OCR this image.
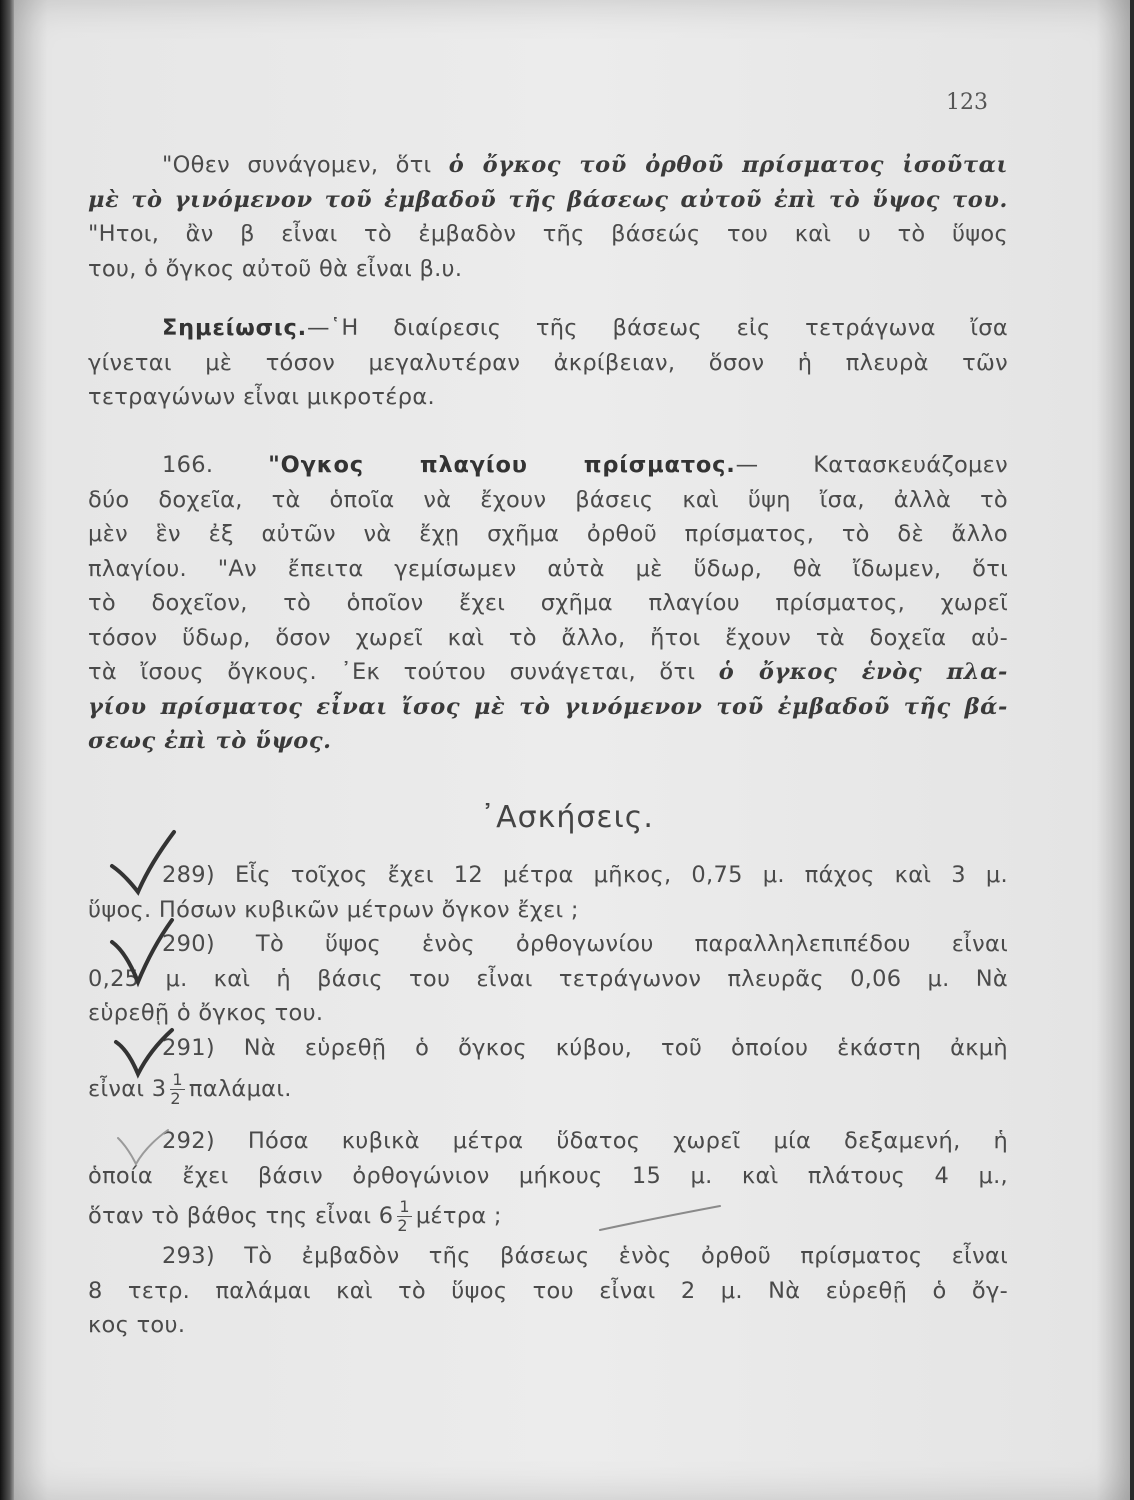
123
"Οθεν συνάγομεν, ὅτι ὁ ὄγκος τοῦ ὀρθοῦ πρίσματος ἰσοῦται
μὲ τὸ γινόμενον τοῦ ἐμβαδοῦ τῆς βάσεως αὐτοῦ ἐπὶ τὸ ὕψος του.
"Ητοι, ἂν β εἶναι τὸ ἐμβαδὸν τῆς βάσεώς του καὶ υ τὸ ὕψος
του, ὁ ὄγκος αὐτοῦ θὰ εἶναι β.υ.
Σημείωσις.—῾Η διαίρεσις τῆς βάσεως εἰς τετράγωνα ἴσα
γίνεται μὲ τόσον μεγαλυτέραν ἀκρίβειαν, ὅσον ἡ πλευρὰ τῶν
τετραγώνων εἶναι μικροτέρα.
166. "Ογκος πλαγίου πρίσματος.— Κατασκευάζομεν
δύο δοχεῖα, τὰ ὁποῖα νὰ ἔχουν βάσεις καὶ ὕψη ἴσα, ἀλλὰ τὸ
μὲν ἓν ἐξ αὐτῶν νὰ ἔχῃ σχῆμα ὀρθοῦ πρίσματος, τὸ δὲ ἄλλο
πλαγίου. "Αν ἔπειτα γεμίσωμεν αὐτὰ μὲ ὕδωρ, θὰ ἴδωμεν, ὅτι
τὸ δοχεῖον, τὸ ὁποῖον ἔχει σχῆμα πλαγίου πρίσματος, χωρεῖ
τόσον ὕδωρ, ὅσον χωρεῖ καὶ τὸ ἄλλο, ἤτοι ἔχουν τὰ δοχεῖα αὐ-
τὰ ἴσους ὄγκους. ᾽Εκ τούτου συνάγεται, ὅτι ὁ ὄγκος ἑνὸς πλα-
γίου πρίσματος εἶναι ἴσος μὲ τὸ γινόμενον τοῦ ἐμβαδοῦ τῆς βά-
σεως ἐπὶ τὸ ὕψος.
᾽Ασκήσεις.
289) Εἷς τοῖχος ἔχει 12 μέτρα μῆκος, 0,75 μ. πάχος καὶ 3 μ.
ὕψος. Πόσων κυβικῶν μέτρων ὄγκον ἔχει ;
290) Τὸ ὕψος ἑνὸς ὀρθογωνίου παραλληλεπιπέδου εἶναι
0,25 μ. καὶ ἡ βάσις του εἶναι τετράγωνον πλευρᾶς 0,06 μ. Νὰ
εὑρεθῇ ὁ ὄγκος του.
291) Νὰ εὑρεθῇ ὁ ὄγκος κύβου, τοῦ ὁποίου ἑκάστη ἀκμὴ
εἶναι $3 \frac{1}{2} \pi\alpha\lambda ά\mu\alpha\iota$.
292) Πόσα κυβικὰ μέτρα ὕδατος χωρεῖ μία δεξαμενή, ἡ
ὁποία ἔχει βάσιν ὀρθογώνιον μήκους 15 μ. καὶ πλάτους 4 μ.,
ὅταν τὸ βάθος της εἶναι $6 \frac{1}{2}$ μέτρα ;
293) Τὸ ἐμβαδὸν τῆς βάσεως ἑνὸς ὀρθοῦ πρίσματος εἶναι
8 τετρ. παλάμαι καὶ τὸ ὕψος του εἶναι 2 μ. Νὰ εὑρεθῇ ὁ ὄγ-
κος του.
